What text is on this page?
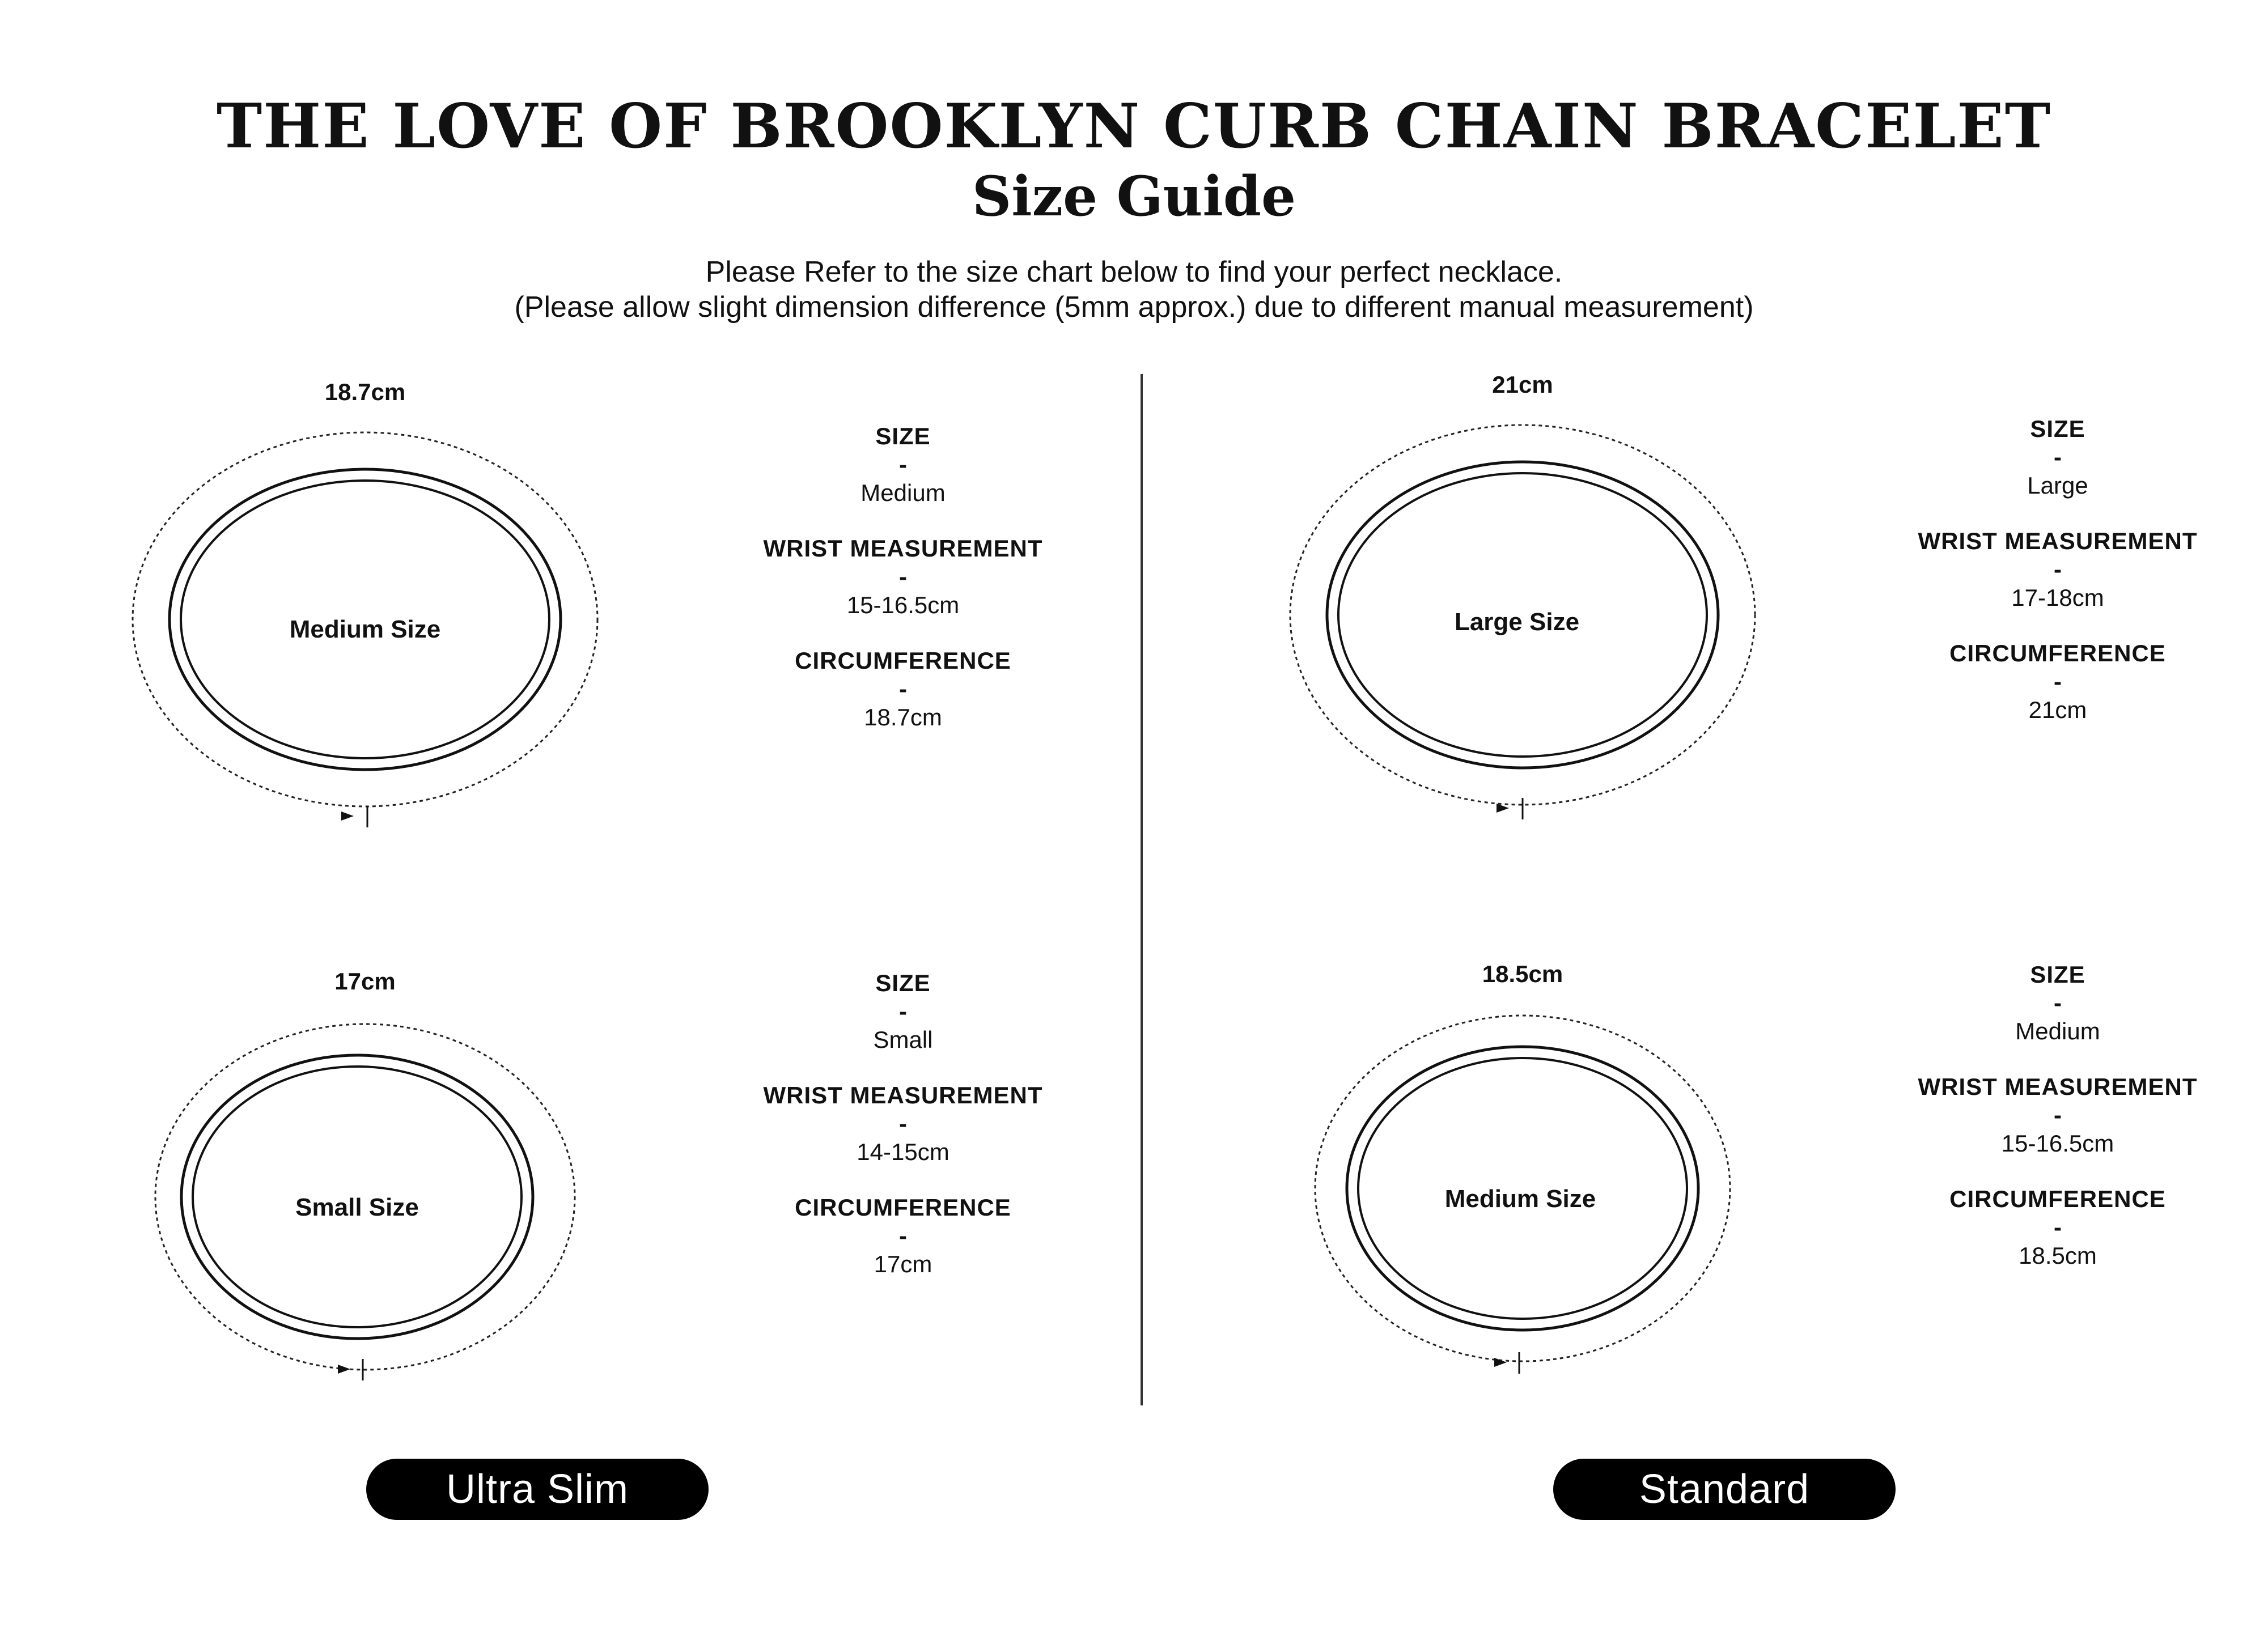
THE LOVE OF BROOKLYN CURB CHAIN BRACELET
Size Guide
Please Refer to the size chart below to find your perfect necklace.
(Please allow slight dimension difference (5mm approx.) due to different manual measurement)
18.7cm
Medium Size
SIZE
-
Medium
WRIST MEASUREMENT
-
15-16.5cm
CIRCUMFERENCE
-
18.7cm
17cm
Small Size
SIZE
-
Small
WRIST MEASUREMENT
-
14-15cm
CIRCUMFERENCE
-
17cm
21cm
Large Size
SIZE
-
Large
WRIST MEASUREMENT
-
17-18cm
CIRCUMFERENCE
-
21cm
18.5cm
Medium Size
SIZE
-
Medium
WRIST MEASUREMENT
-
15-16.5cm
CIRCUMFERENCE
-
18.5cm
Ultra Slim	Standard
